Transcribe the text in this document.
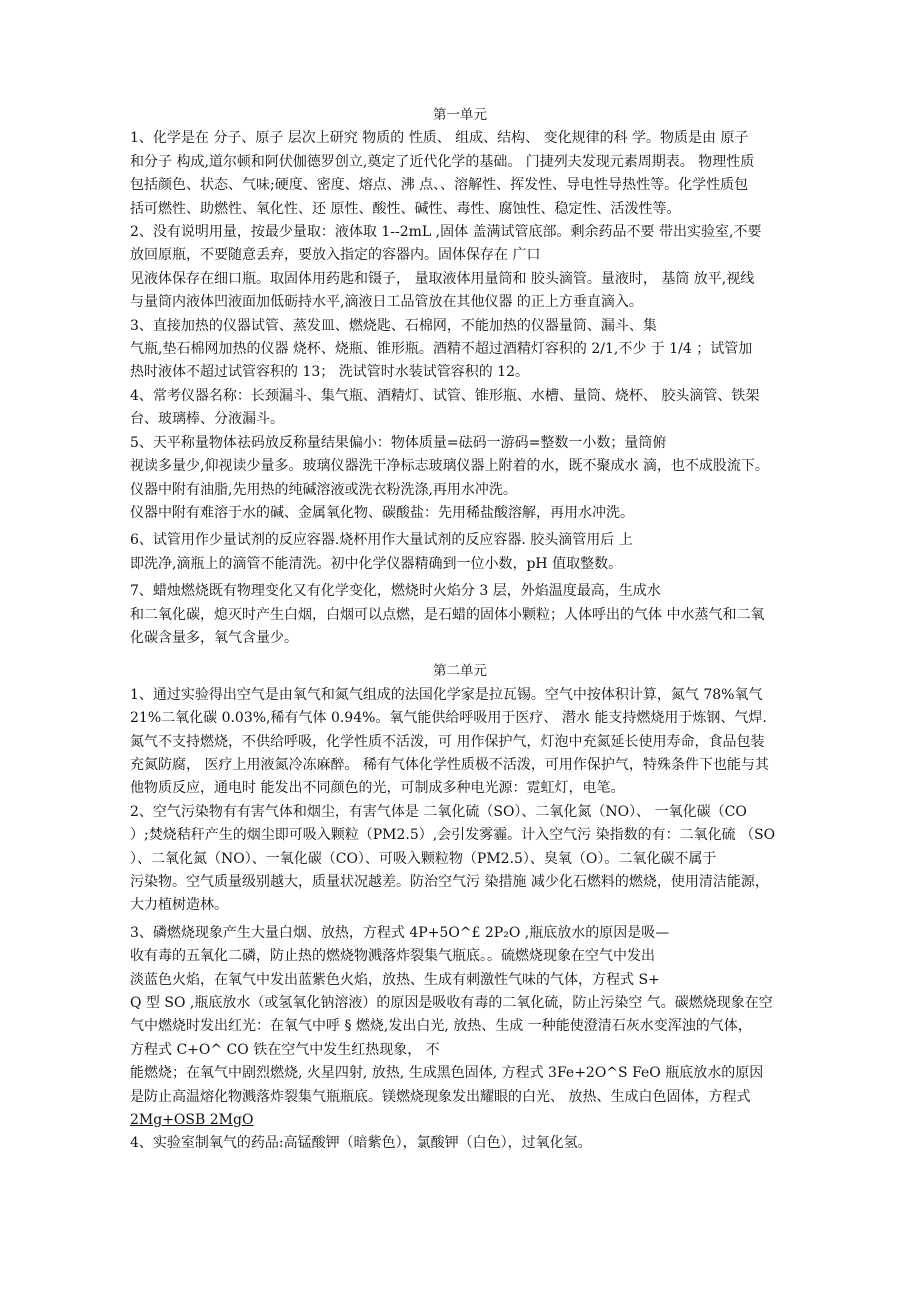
第一单元

1、化学是在 分子、原子 层次上研究 物质的 性质、 组成、结构、 变化规律的科 学。物质是由 原子
和分子 构成,道尔顿和阿伏伽德罗创立,奠定了近代化学的基础。 门捷列夫发现元素周期表。 物理性质
包括颜色、状态、气味;硬度、密度、熔点、沸 点、、溶解性、挥发性、导电性导热性等。化学性质包
括可燃性、助燃性、氧化性、还 原性、酸性、碱性、毒性、腐蚀性、稳定性、活泼性等。
2、没有说明用量，按最少量取：液体取 1--2mL ,固体 盖满试管底部。剩余药品不要 带出实验室,不要
放回原瓶，不要随意丢弃，要放入指定的容器内。固体保存在 广口
见液体保存在细口瓶。取固体用药匙和镊子， 量取液体用量筒和 胶头滴管。量液时， 基筒 放平,视线
与量筒内液体凹液面加低砺持水平,滴液日工品管放在其他仪器 的正上方垂直滴入。
3、直接加热的仪器试管、蒸发皿、燃烧匙、石棉网，不能加热的仪器量筒、漏斗、集
气瓶,垫石棉网加热的仪器 烧杯、烧瓶、锥形瓶。酒精不超过酒精灯容积的 2/1,不少 于 1/4 ；试管加
热时液体不超过试管容积的 13； 洗试管时水装试管容积的 12。
4、常考仪器名称：长颈漏斗、集气瓶、酒精灯、试管、锥形瓶、水槽、量筒、烧杯、 胶头滴管、铁架
台、玻璃棒、分液漏斗。
5、天平称量物体祛码放反称量结果偏小：物体质量=砝码一游码=整数一小数；量筒俯
视读多量少,仰视读少量多。玻璃仪器洗干净标志玻璃仪器上附着的水，既不聚成水 滴，也不成股流下。
仪器中附有油脂,先用热的纯碱溶液或洗衣粉洗涤,再用水冲洗。
仪器中附有难溶于水的碱、金属氧化物、碳酸盐：先用稀盐酸溶解，再用水冲洗。
6、试管用作少量试剂的反应容器.烧杯用作大量试剂的反应容器. 胶头滴管用后 上
即洗净,滴瓶上的滴管不能清洗。初中化学仪器精确到一位小数，pH 值取整数。
7、蜡烛燃烧既有物理变化又有化学变化，燃烧时火焰分 3 层，外焰温度最高，生成水
和二氧化碳，熄灭时产生白烟，白烟可以点燃，是石蜡的固体小颗粒；人体呼出的气体 中水蒸气和二氧
化碳含量多，氧气含量少。

第二单元

1、通过实验得出空气是由氧气和氮气组成的法国化学家是拉瓦锡。空气中按体积计算，氮气 78%氧气
21%二氧化碳 0.03%,稀有气体 0.94%。氧气能供给呼吸用于医疗、 潜水 能支持燃烧用于炼钢、气焊.
氮气不支持燃烧，不供给呼吸，化学性质不活泼，可 用作保护气，灯泡中充氮延长使用寿命，食品包装
充氮防腐， 医疗上用液氮冷冻麻醉。 稀有气体化学性质极不活泼，可用作保护气，特殊条件下也能与其
他物质反应，通电时 能发出不同颜色的光，可制成多种电光源：霓虹灯，电笔。
2、空气污染物有有害气体和烟尘，有害气体是 二氧化硫（SO）、二氧化氮（NO）、 一氧化碳（CO
）;焚烧秸秆产生的烟尘即可吸入颗粒（PM2.5）,会引发雾霾。计入空气污 染指数的有：二氧化硫 （SO
）、二氧化氮（NO）、一氧化碳（CO）、可吸入颗粒物（PM2.5）、臭氧（O）。二氧化碳不属于
污染物。空气质量级别越大，质量状况越差。防治空气污 染措施 减少化石燃料的燃烧，使用清洁能源，
大力植树造林。
3、磷燃烧现象产生大量白烟、放热，方程式 4P+5O^£ 2P₂O ,瓶底放水的原因是吸—
收有毒的五氧化二磷，防止热的燃烧物溅落炸裂集气瓶底。。硫燃烧现象在空气中发出
淡蓝色火焰，在氧气中发出蓝紫色火焰，放热、生成有刺激性气味的气体，方程式 S+
Q 型 SO ,瓶底放水（或氢氧化钠溶液）的原因是吸收有毒的二氧化硫，防止污染空 气。碳燃烧现象在空
气中燃烧时发出红光：在氧气中呼 § 燃烧,发出白光, 放热、生成 一种能使澄清石灰水变浑浊的气体，
方程式 C+O^ CO 铁在空气中发生红热现象， 不
能燃烧；在氧气中剧烈燃烧, 火星四射, 放热, 生成黑色固体, 方程式 3Fe+2O^S FeO 瓶底放水的原因
是防止高温熔化物溅落炸裂集气瓶瓶底。镁燃烧现象发出耀眼的白光、 放热、生成白色固体，方程式
2Mg+OSB 2MgO
4、实验室制氧气的药品:高锰酸钾（暗紫色），氯酸钾（白色），过氧化氢。
